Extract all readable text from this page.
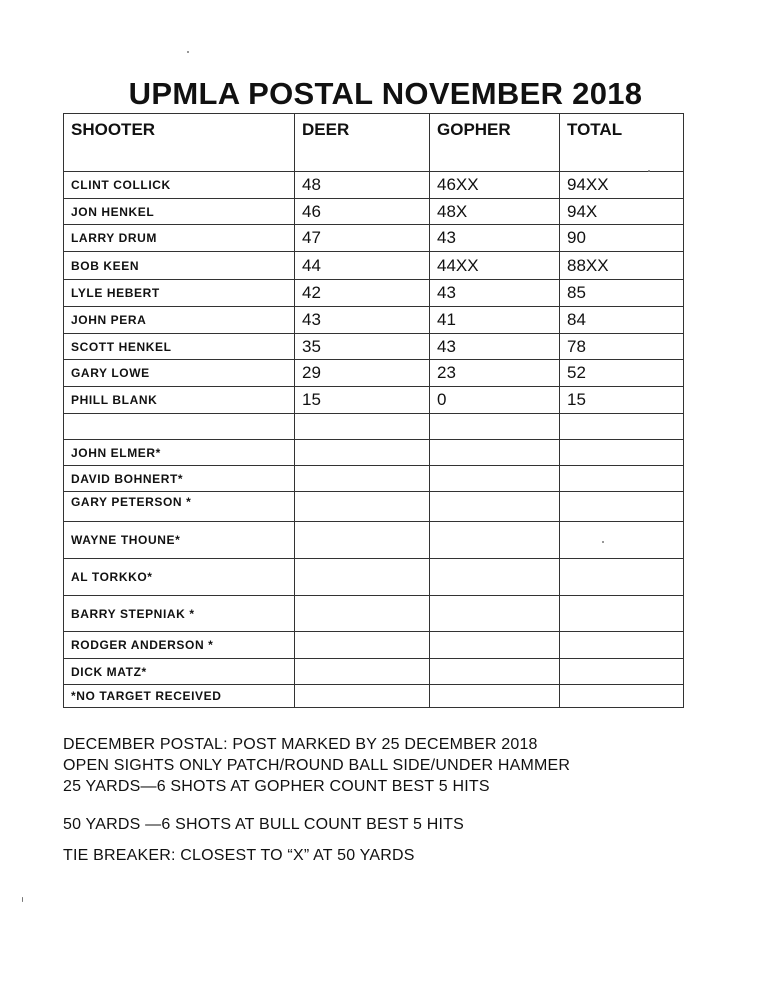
UPMLA POSTAL NOVEMBER 2018
SHOOTER	DEER	GOPHER	TOTAL
CLINT COLLICK	48	46XX	94XX
JON HENKEL	46	48X	94X
LARRY DRUM	47	43	90
BOB KEEN	44	44XX	88XX
LYLE HEBERT	42	43	85
JOHN PERA	43	41	84
SCOTT HENKEL	35	43	78
GARY LOWE	29	23	52
PHILL BLANK	15	0	15

JOHN ELMER*			
DAVID BOHNERT*			
GARY PETERSON *			
WAYNE THOUNE*			
AL TORKKO*			
BARRY STEPNIAK *			
RODGER ANDERSON *			
DICK MATZ*			
*NO TARGET RECEIVED			
DECEMBER POSTAL: POST MARKED BY 25 DECEMBER 2018
OPEN SIGHTS ONLY PATCH/ROUND BALL SIDE/UNDER HAMMER
25 YARDS—6 SHOTS AT GOPHER COUNT BEST 5 HITS
50 YARDS —6 SHOTS AT BULL COUNT BEST 5 HITS
TIE BREAKER: CLOSEST TO “X” AT 50 YARDS
